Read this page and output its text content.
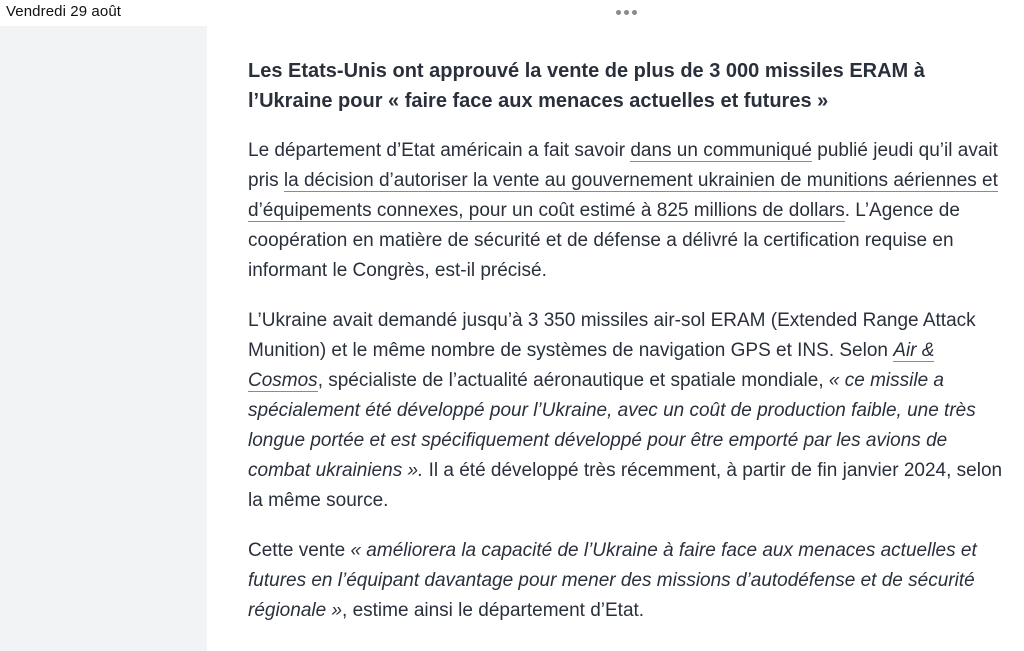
Vendredi 29 août
Les Etats-Unis ont approuvé la vente de plus de 3 000 missiles ERAM à l’Ukraine pour « faire face aux menaces actuelles et futures »

Le département d’Etat américain a fait savoir dans un communiqué publié jeudi qu’il avait pris la décision d’autoriser la vente au gouvernement ukrainien de munitions aériennes et d’équipements connexes, pour un coût estimé à 825 millions de dollars. L’Agence de coopération en matière de sécurité et de défense a délivré la certification requise en informant le Congrès, est-il précisé.

L’Ukraine avait demandé jusqu’à 3 350 missiles air-sol ERAM (Extended Range Attack Munition) et le même nombre de systèmes de navigation GPS et INS. Selon Air & Cosmos, spécialiste de l’actualité aéronautique et spatiale mondiale, « ce missile a spécialement été développé pour l’Ukraine, avec un coût de production faible, une très longue portée et est spécifiquement développé pour être emporté par les avions de combat ukrainiens ». Il a été développé très récemment, à partir de fin janvier 2024, selon la même source.

Cette vente « améliorera la capacité de l’Ukraine à faire face aux menaces actuelles et futures en l’équipant davantage pour mener des missions d’autodéfense et de sécurité régionale », estime ainsi le département d’Etat.
